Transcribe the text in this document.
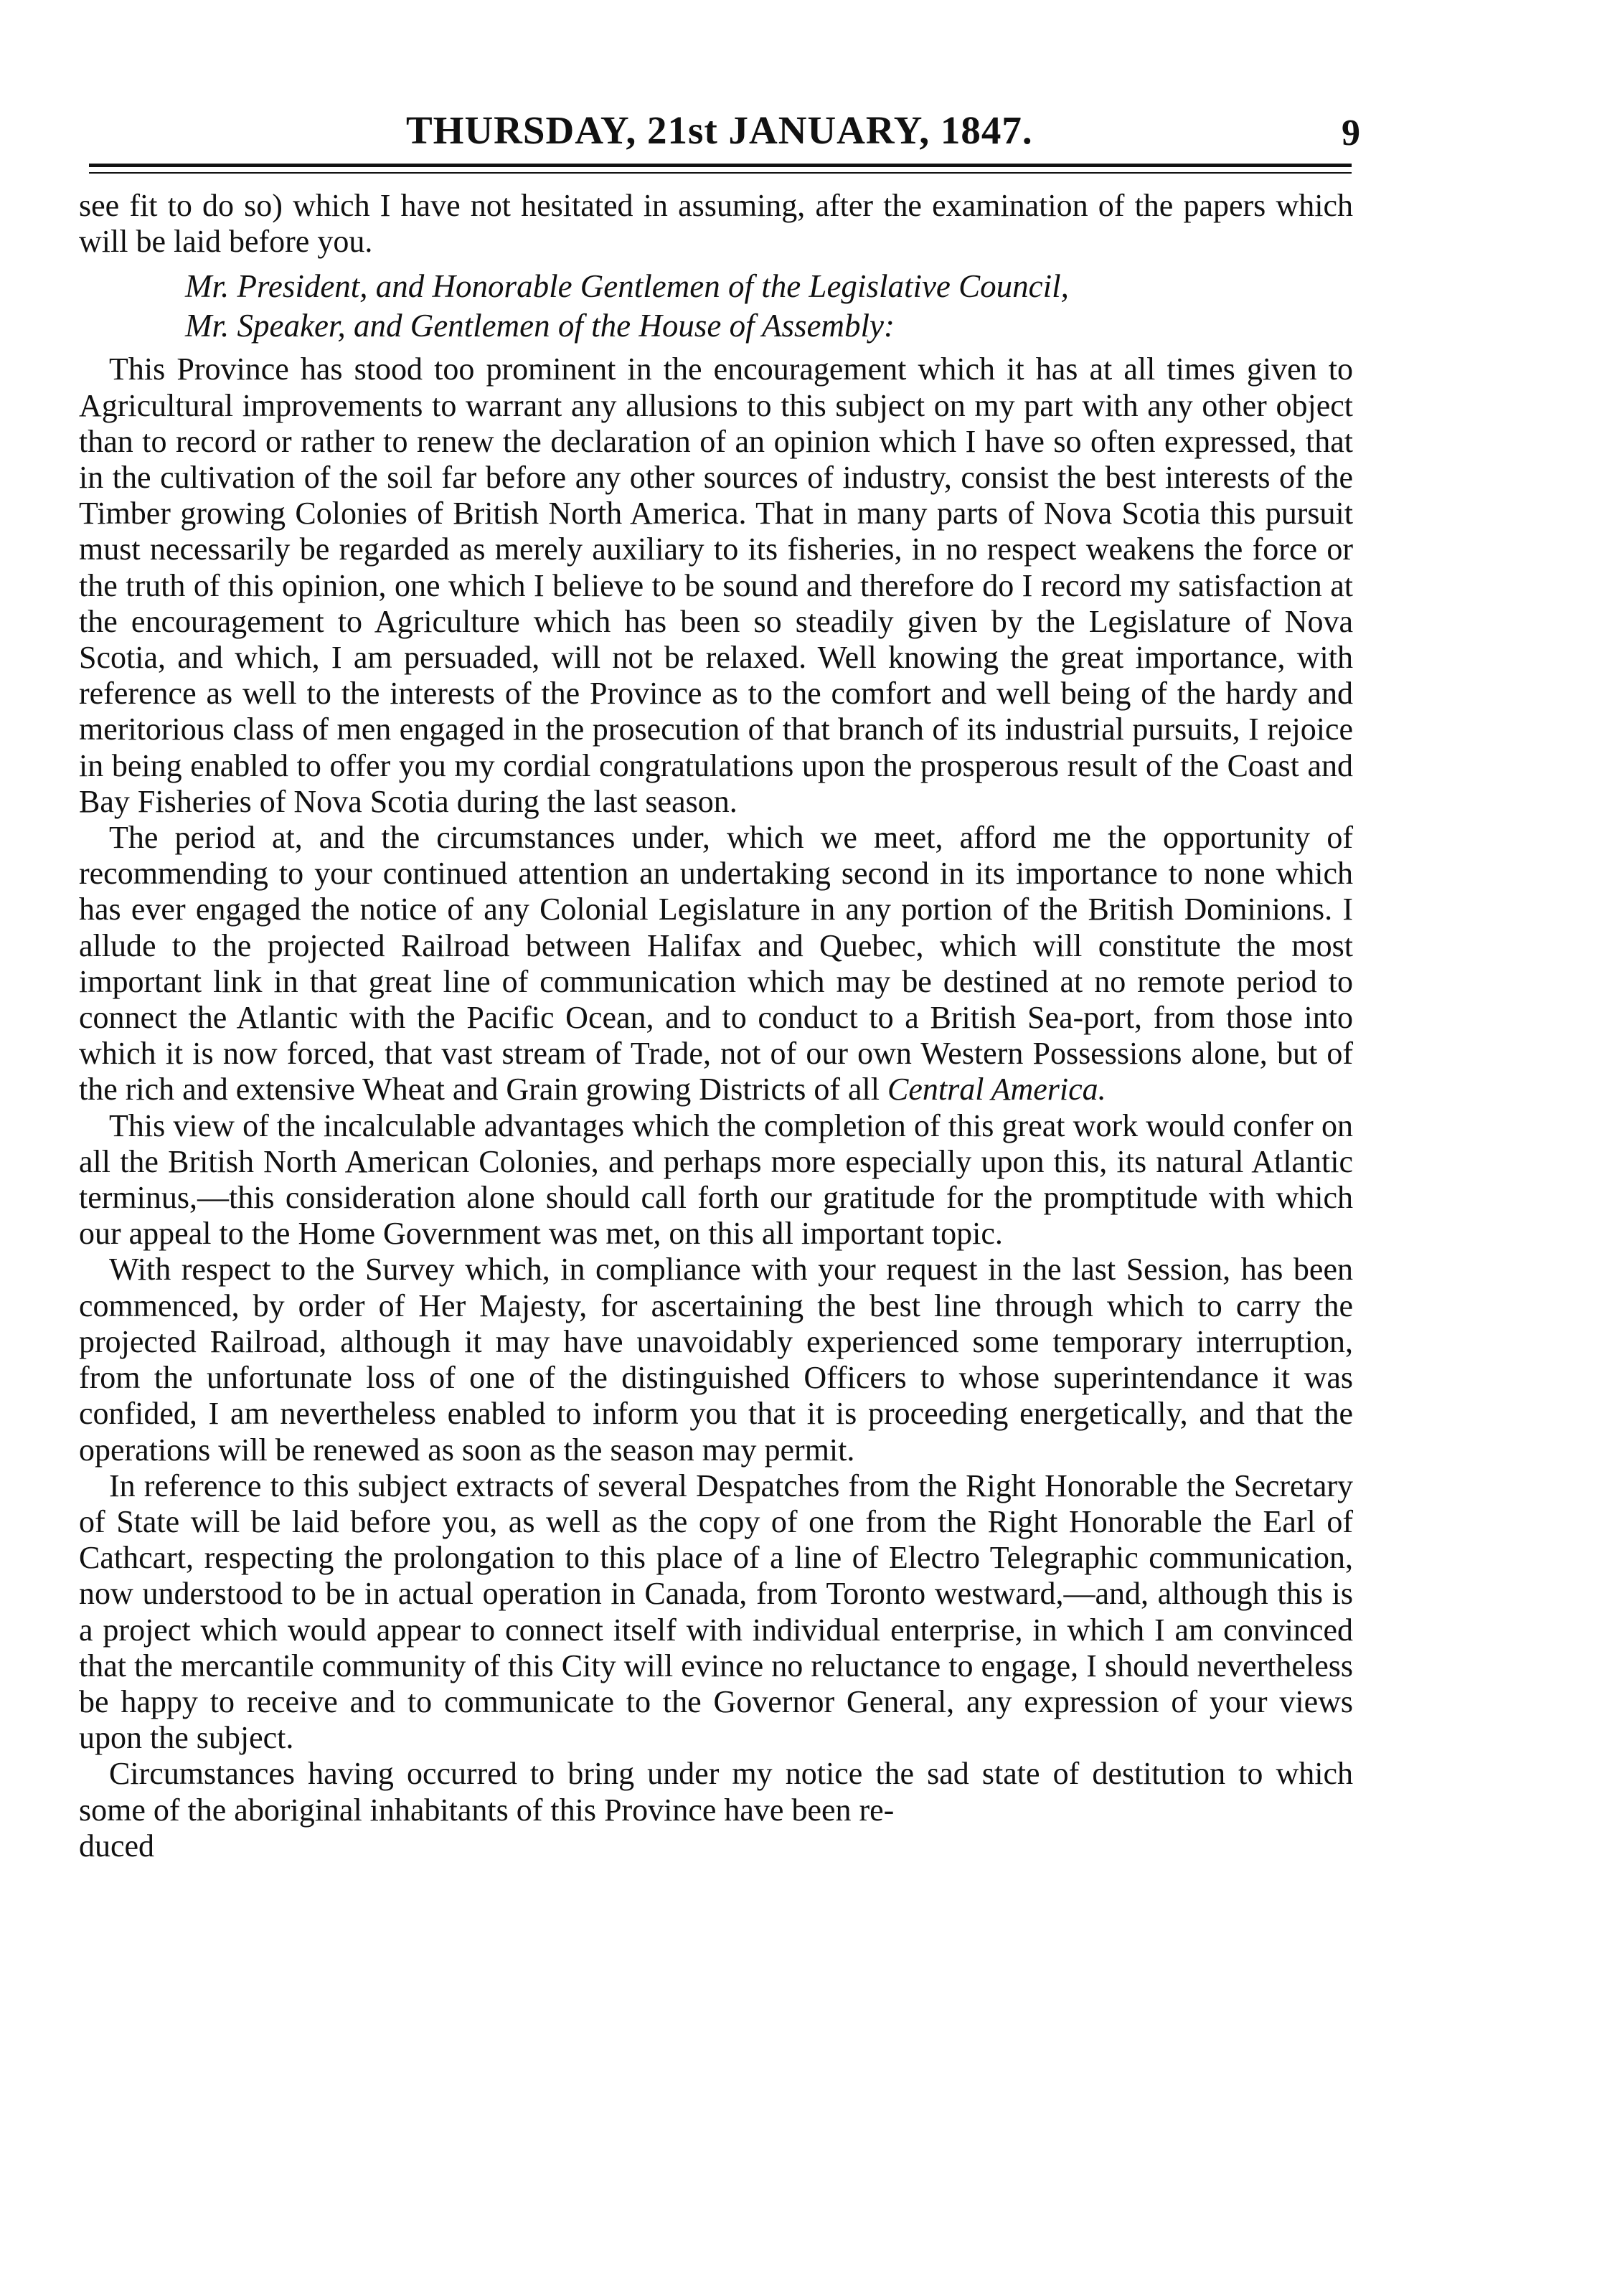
THURSDAY, 21st JANUARY, 1847.	9

see fit to do so) which I have not hesitated in assuming, after the examination of the papers which will be laid before you.

Mr. President, and Honorable Gentlemen of the Legislative Council,

Mr. Speaker, and Gentlemen of the House of Assembly:

This Province has stood too prominent in the encouragement which it has at all times given to Agricultural improvements to warrant any allusions to this subject on my part with any other object than to record or rather to renew the declaration of an opinion which I have so often expressed, that in the cultivation of the soil far before any other sources of industry, consist the best interests of the Timber growing Colonies of British North America. That in many parts of Nova Scotia this pursuit must necessarily be regarded as merely auxiliary to its fisheries, in no respect weakens the force or the truth of this opinion, one which I believe to be sound and therefore do I record my satisfaction at the encouragement to Agriculture which has been so steadily given by the Legislature of Nova Scotia, and which, I am persuaded, will not be relaxed. Well knowing the great importance, with reference as well to the interests of the Province as to the comfort and well being of the hardy and meritorious class of men engaged in the prosecution of that branch of its industrial pursuits, I rejoice in being enabled to offer you my cordial congratulations upon the prosperous result of the Coast and Bay Fisheries of Nova Scotia during the last season.

The period at, and the circumstances under, which we meet, afford me the opportunity of recommending to your continued attention an undertaking second in its importance to none which has ever engaged the notice of any Colonial Legislature in any portion of the British Dominions. I allude to the projected Railroad between Halifax and Quebec, which will constitute the most important link in that great line of communication which may be destined at no remote period to connect the Atlantic with the Pacific Ocean, and to conduct to a British Sea-port, from those into which it is now forced, that vast stream of Trade, not of our own Western Possessions alone, but of the rich and extensive Wheat and Grain growing Districts of all Central America.

This view of the incalculable advantages which the completion of this great work would confer on all the British North American Colonies, and perhaps more especially upon this, its natural Atlantic terminus,—this consideration alone should call forth our gratitude for the promptitude with which our appeal to the Home Government was met, on this all important topic.

With respect to the Survey which, in compliance with your request in the last Session, has been commenced, by order of Her Majesty, for ascertaining the best line through which to carry the projected Railroad, although it may have unavoidably experienced some temporary interruption, from the unfortunate loss of one of the distinguished Officers to whose superintendance it was confided, I am nevertheless enabled to inform you that it is proceeding energetically, and that the operations will be renewed as soon as the season may permit.

In reference to this subject extracts of several Despatches from the Right Honorable the Secretary of State will be laid before you, as well as the copy of one from the Right Honorable the Earl of Cathcart, respecting the prolongation to this place of a line of Electro Telegraphic communication, now understood to be in actual operation in Canada, from Toronto westward,—and, although this is a project which would appear to connect itself with individual enterprise, in which I am convinced that the mercantile community of this City will evince no reluctance to engage, I should nevertheless be happy to receive and to communicate to the Governor General, any expression of your views upon the subject.

Circumstances having occurred to bring under my notice the sad state of destitution to which some of the aboriginal inhabitants of this Province have been re-

duced
